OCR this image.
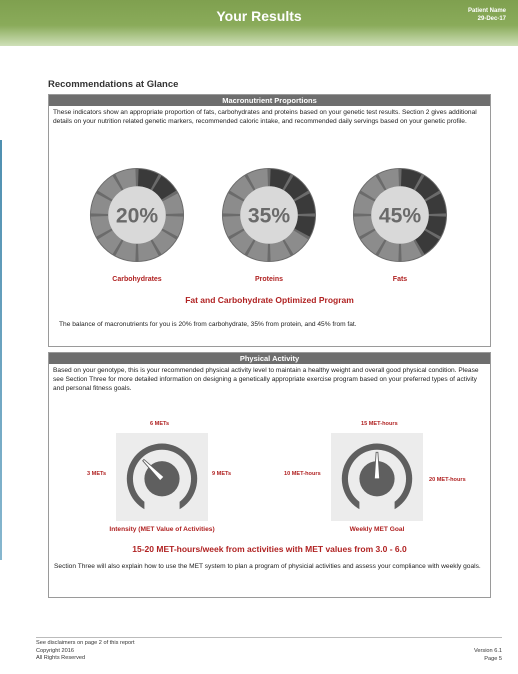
Your Results	Patient Name
29-Dec-17
Recommendations at Glance
Macronutrient Proportions
These indicators show an appropriate proportion of fats, carbohydrates and proteins based on your genetic test results. Section 2 gives additional details on your nutrition related genetic markers, recommended caloric intake, and recommended daily servings based on your genetic profile.
20%
Carbohydrates
35%
Proteins
45%
Fats
Fat and Carbohydrate Optimized Program
The balance of macronutrients for you is 20% from carbohydrate, 35% from protein, and 45% from fat.
Physical Activity
Based on your genotype, this is your recommended physical activity level to maintain a healthy weight and overall good physical condition. Please see Section Three for more detailed information on designing a genetically appropriate exercise program based on your preferred types of activity and personal fitness goals.
6 METs
3 METs	9 METs
Intensity (MET Value of Activities)
15 MET-hours
10 MET-hours
20 MET-hours
Weekly MET Goal
15-20 MET-hours/week from activities with MET values from 3.0 - 6.0
Section Three will also explain how to use the MET system to plan a program of physicial activities and assess your compliance with weekly goals.
See disclaimers on page 2 of this report
Copyright 2016
All Rights Reserved
Version 6.1
Page 5
